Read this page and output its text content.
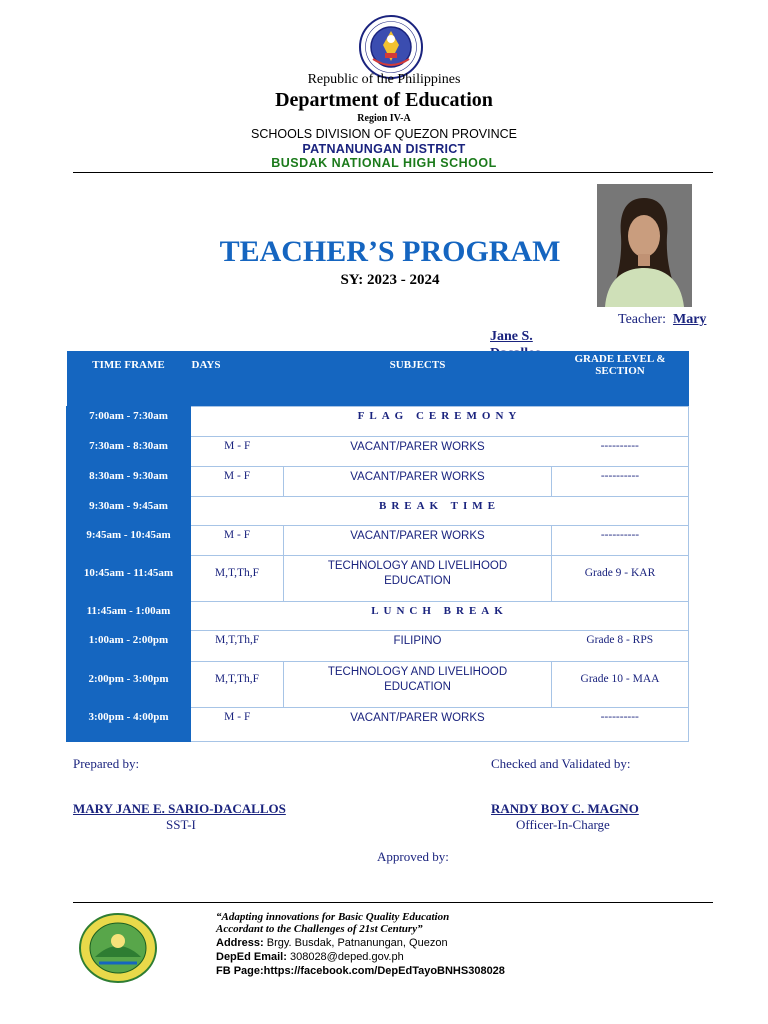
Republic of the Philippines
Department of Education
Region IV-A
SCHOOLS DIVISION OF QUEZON PROVINCE
PATNANUNGAN DISTRICT
BUSDAK NATIONAL HIGH SCHOOL
TEACHER’S PROGRAM
SY: 2023 - 2024
Teacher: Mary Jane S.

TIME FRAME	DAYS	SUBJECTS	GRADE LEVEL & SECTION
7:00am - 7:30am	FLAG CEREMONY		
7:30am - 8:30am	M - F	VACANT/PARER WORKS	----------
8:30am - 9:30am	M - F	VACANT/PARER WORKS	----------
9:30am - 9:45am	BREAK TIME		
9:45am - 10:45am	M - F	VACANT/PARER WORKS	----------
10:45am - 11:45am	M,T,Th,F	TECHNOLOGY AND LIVELIHOOD EDUCATION	Grade 9 - KAR
11:45am - 1:00am	LUNCH BREAK		
1:00am - 2:00pm	M,T,Th,F	FILIPINO	Grade 8 - RPS
2:00pm - 3:00pm	M,T,Th,F	TECHNOLOGY AND LIVELIHOOD EDUCATION	Grade 10 - MAA
3:00pm - 4:00pm	M - F	VACANT/PARER WORKS	----------
Prepared by:	Checked and Validated by:
MARY JANE E. SARIO-DACALLOS
SST-I
RANDY BOY C. MAGNO
Officer-In-Charge
Approved by:
“Adapting innovations for Basic Quality Education
Accordant to the Challenges of 21st Century”
Address: Brgy. Busdak, Patnanungan, Quezon
DepEd Email: 308028@deped.gov.ph
FB Page:https://facebook.com/DepEdTayoBNHS308028
